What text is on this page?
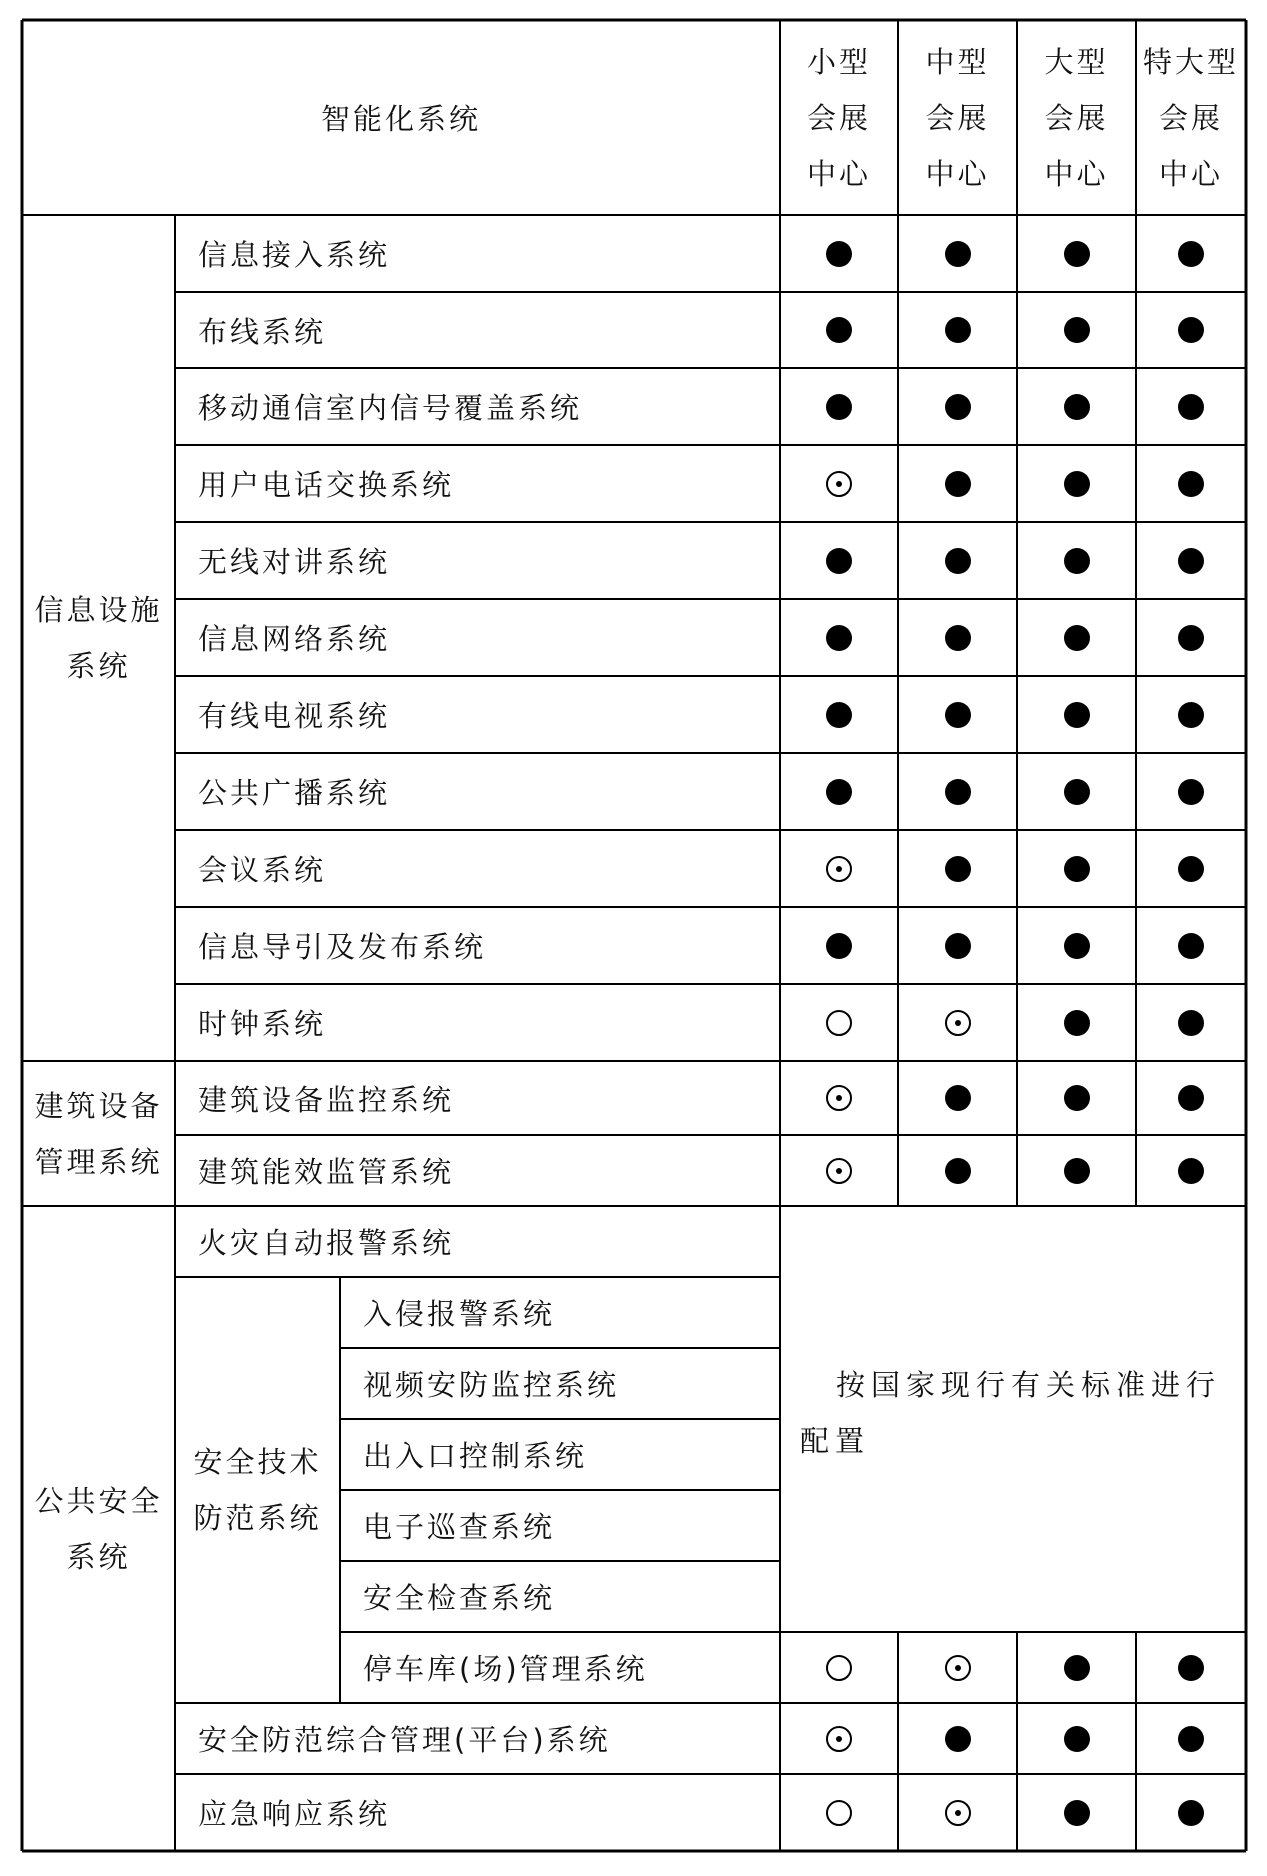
智能化系统
小型
会展
中心
中型
会展
中心
大型
会展
中心
特大型
会展
中心
信息设施
系统
建筑设备
管理系统
公共安全
系统
安全技术
防范系统
信息接入系统
布线系统
移动通信室内信号覆盖系统
用户电话交换系统
无线对讲系统
信息网络系统
有线电视系统
公共广播系统
会议系统
信息导引及发布系统
时钟系统
建筑设备监控系统
建筑能效监管系统
火灾自动报警系统
入侵报警系统
视频安防监控系统
出入口控制系统
电子巡查系统
安全检查系统
停车库(场)管理系统
安全防范综合管理(平台)系统
应急响应系统
按国家现行有关标准进行
配置
